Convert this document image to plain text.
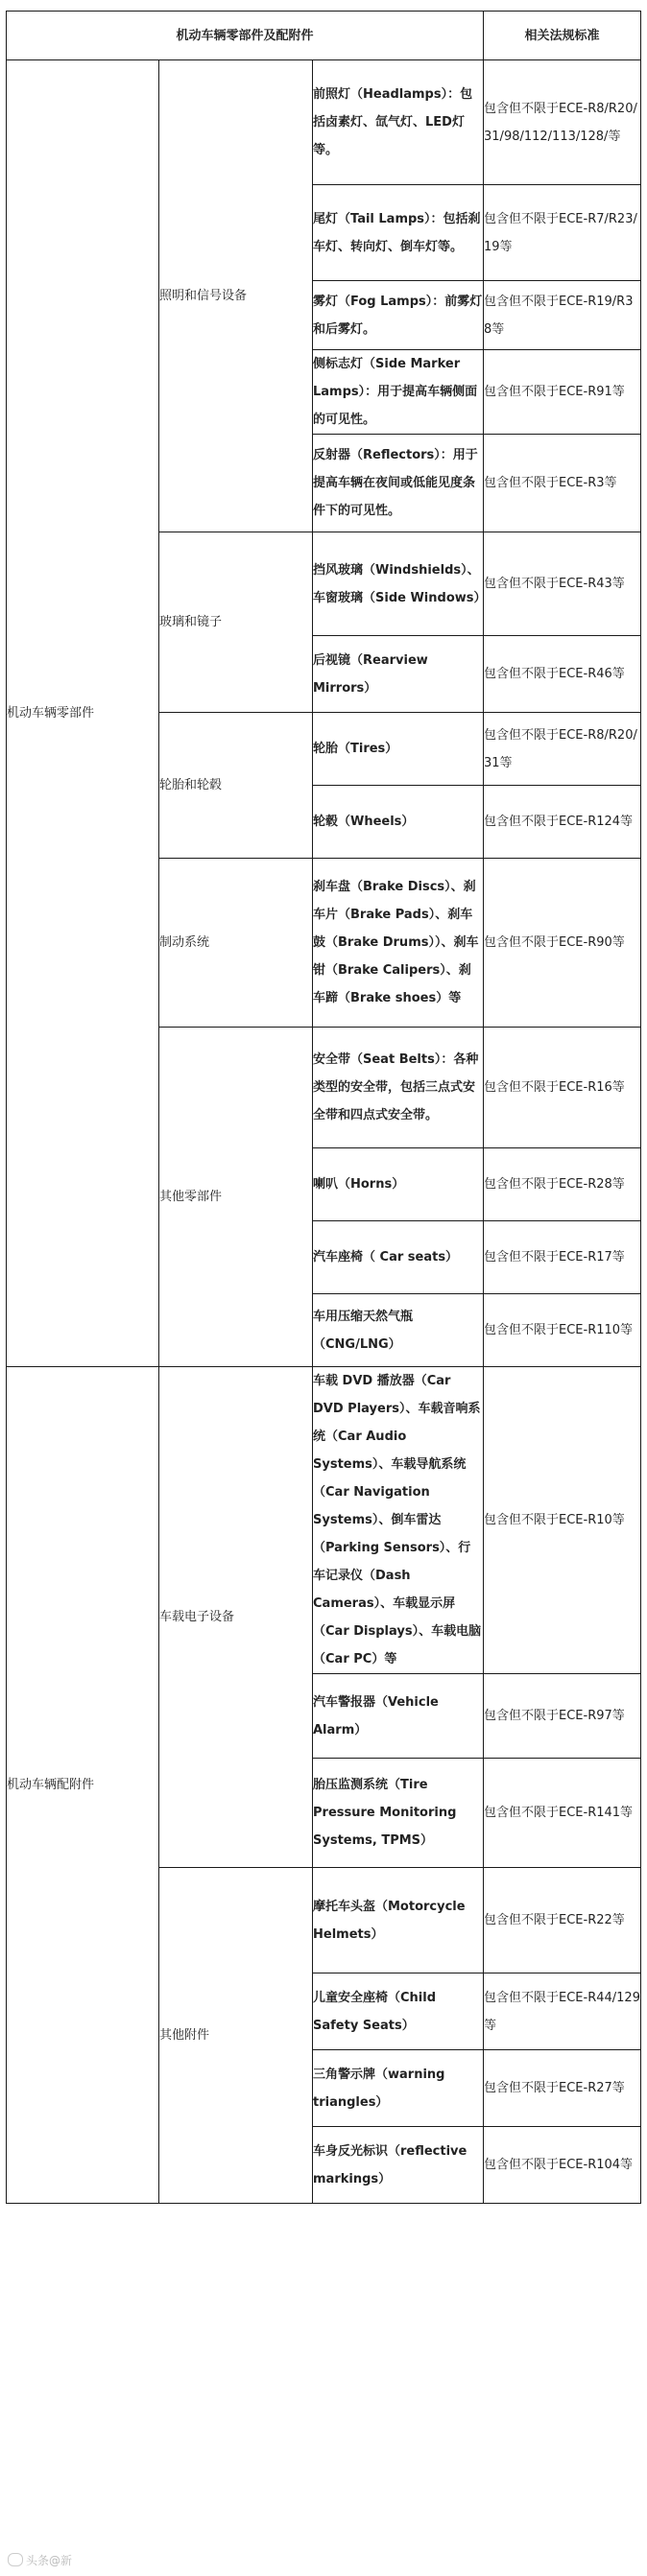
机动车辆零部件及配附件			相关法规标准
机动车辆零部件	照明和信号设备	前照灯（Headlamps）：包括卤素灯、氙气灯、LED灯等。	包含但不限于ECE-R8/R20/31/98/112/113/128/等
		尾灯（Tail Lamps）：包括刹车灯、转向灯、倒车灯等。	包含但不限于ECE-R7/R23/19等
		雾灯（Fog Lamps）：前雾灯和后雾灯。	包含但不限于ECE-R19/R38等
		侧标志灯（Side Marker Lamps）：用于提高车辆侧面的可见性。	包含但不限于ECE-R91等
		反射器（Reflectors）：用于提高车辆在夜间或低能见度条件下的可见性。	包含但不限于ECE-R3等
	玻璃和镜子	挡风玻璃（Windshields）、车窗玻璃（Side Windows）	包含但不限于ECE-R43等
		后视镜（Rearview Mirrors）	包含但不限于ECE-R46等
	轮胎和轮毂	轮胎（Tires）	包含但不限于ECE-R8/R20/31等
		轮毂（Wheels）	包含但不限于ECE-R124等
	制动系统	刹车盘（Brake Discs）、刹车片（Brake Pads）、刹车鼓（Brake Drums））、刹车钳（Brake Calipers）、刹车蹄（Brake shoes）等	包含但不限于ECE-R90等
	其他零部件	安全带（Seat Belts）：各种类型的安全带，包括三点式安全带和四点式安全带。	包含但不限于ECE-R16等
		喇叭（Horns）	包含但不限于ECE-R28等
		汽车座椅（ Car seats）	包含但不限于ECE-R17等
		车用压缩天然气瓶（CNG/LNG）	包含但不限于ECE-R110等
机动车辆配附件	车载电子设备	车载 DVD 播放器（Car DVD Players）、车载音响系统（Car Audio Systems）、车载导航系统（Car Navigation Systems）、倒车雷达（Parking Sensors）、行车记录仪（Dash Cameras）、车载显示屏（Car Displays）、车载电脑（Car PC）等	包含但不限于ECE-R10等
		汽车警报器（Vehicle Alarm）	包含但不限于ECE-R97等
		胎压监测系统（Tire Pressure Monitoring Systems, TPMS）	包含但不限于ECE-R141等
	其他附件	摩托车头盔（Motorcycle Helmets）	包含但不限于ECE-R22等
		儿童安全座椅（Child Safety Seats）	包含但不限于ECE-R44/129等
		三角警示牌（warning triangles）	包含但不限于ECE-R27等
		车身反光标识（reflective markings）	包含但不限于ECE-R104等
头条@新
